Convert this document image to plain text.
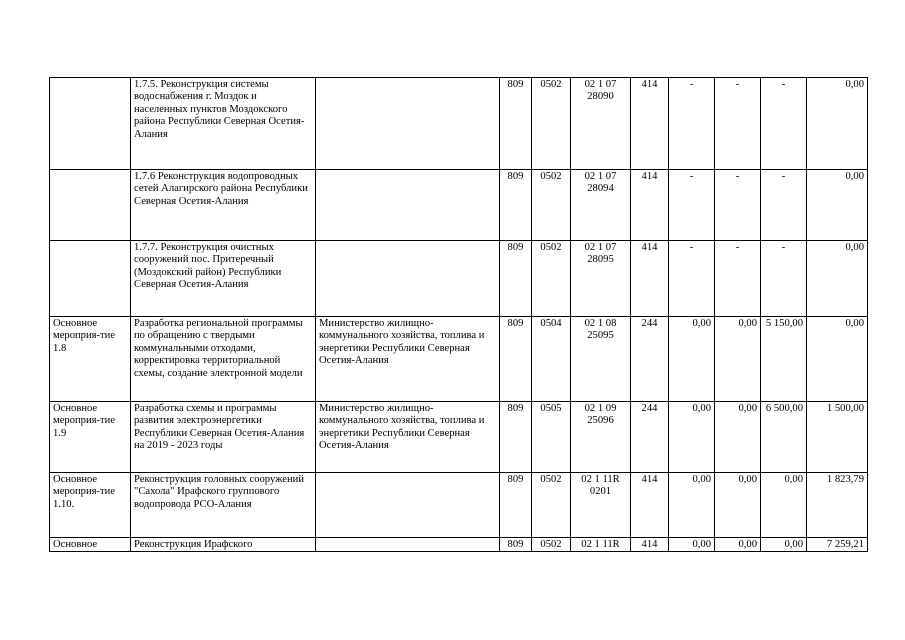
	1.7.5. Реконструкция системы водоснабжения г. Моздок и населенных пунктов Моздокского района Республики Северная Осетия-Алания		809	0502	02 1 07 28090	414	-	-	-	0,00
	1.7.6 Реконструкция водопроводных сетей Алагирского района Республики Северная Осетия-Алания		809	0502	02 1 07 28094	414	-	-	-	0,00
	1.7.7. Реконструкция очистных сооружений пос. Притеречный (Моздокский район) Республики Северная Осетия-Алания		809	0502	02 1 07 28095	414	-	-	-	0,00
Основное мероприя-тие 1.8	Разработка региональной программы по обращению с твердыми коммунальными отходами, корректировка территориальной схемы, создание электронной модели	Министерство жилищно-коммунального хозяйства, топлива и энергетики Республики Северная Осетия-Алания	809	0504	02 1 08 25095	244	0,00	0,00	5 150,00	0,00
Основное мероприя-тие 1.9	Разработка схемы и программы развития электроэнергетики Республики Северная Осетия-Алания на 2019 - 2023 годы	Министерство жилищно-коммунального хозяйства, топлива и энергетики Республики Северная Осетия-Алания	809	0505	02 1 09 25096	244	0,00	0,00	6 500,00	1 500,00
Основное мероприя-тие 1.10.	Реконструкция головных сооружений "Сахола" Ирафского группового водопровода РСО-Алания		809	0502	02 1 11R 0201	414	0,00	0,00	0,00	1 823,79
Основное	Реконструкция Ирафского		809	0502	02 1 11R	414	0,00	0,00	0,00	7 259,21
